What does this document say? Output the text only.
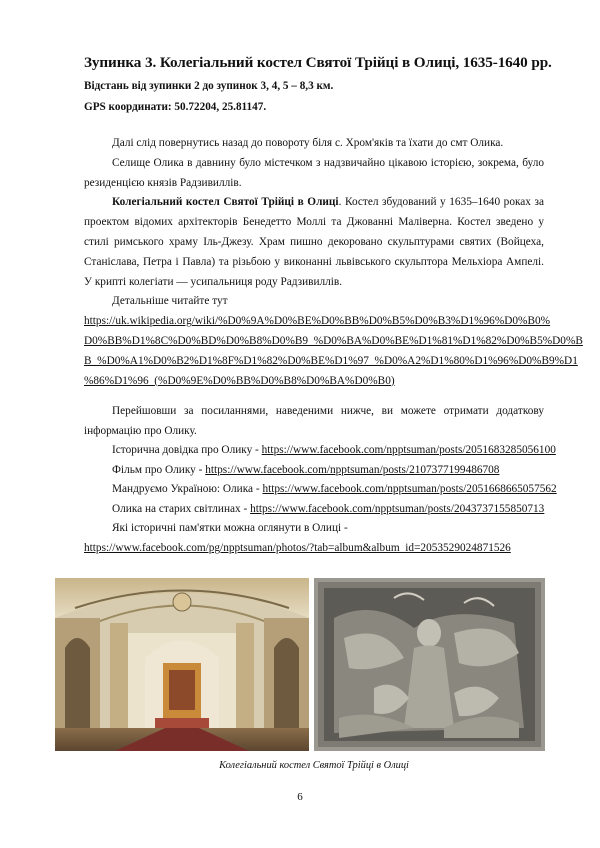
Зупинка 3. Колегіальний костел Святої Трійці в Олиці, 1635-1640 рр.
Відстань від зупинки 2 до зупинок 3, 4, 5 – 8,3 км.
GPS координати: 50.72204, 25.81147.

Далі слід повернутись назад до повороту біля с. Хром'яків та їхати до смт Олика.

Селище Олика в давнину було містечком з надзвичайно цікавою історією, зокрема, було резиденцією князів Радзивиллів.

Колегіальний костел Святої Трійці в Олиці. Костел збудований у 1635–1640 роках за проектом відомих архітекторів Бенедетто Моллі та Джованні Маліверна. Костел зведено у стилі римського храму Іль-Джезу. Храм пишно декоровано скульптурами святих (Войцеха, Станіслава, Петра і Павла) та різьбою у виконанні львівського скульптора Мельхіора Ампелі. У крипті колегіати — усипальниця роду Радзивиллів.

Детальніше читайте тут

https://uk.wikipedia.org/wiki/%D0%9A%D0%BE%D0%BB%D0%B5%D0%B3%D1%96%D0%B0%
D0%BB%D1%8C%D0%BD%D0%B8%D0%B9_%D0%BA%D0%BE%D1%81%D1%82%D0%B5%D0%B
B_%D0%A1%D0%B2%D1%8F%D1%82%D0%BE%D1%97_%D0%A2%D1%80%D1%96%D0%B9%D1
%86%D1%96_(%D0%9E%D0%BB%D0%B8%D0%BA%D0%B0)
Перейшовши за посиланнями, наведеними нижче, ви можете отримати додаткову інформацію про Олику.
Історична довідка про Олику - https://www.facebook.com/npptsuman/posts/2051683285056100
Фільм про Олику - https://www.facebook.com/npptsuman/posts/2107377199486708
Мандруємо Україною: Олика - https://www.facebook.com/npptsuman/posts/2051668665057562
Олика на старих світлинах - https://www.facebook.com/npptsuman/posts/2043737155850713
Які історичні пам'ятки можна оглянути в Олиці -
https://www.facebook.com/pg/npptsuman/photos/?tab=album&album_id=2053529024871526
Колегіальний костел Святої Трійці в Олиці
6
